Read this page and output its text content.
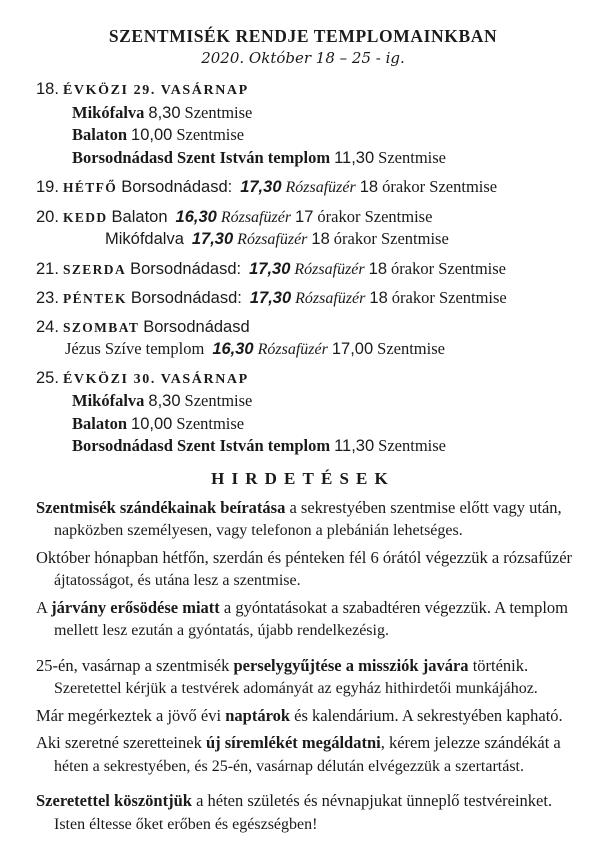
SZENTMISÉK RENDJE TEMPLOMAINKBAN
2020. Október 18 – 25 - ig.
18. ÉVKÖZI 29. VASÁRNAP
Mikófalva 8,30 Szentmise
Balaton 10,00 Szentmise
Borsodnádasd Szent István templom 11,30 Szentmise
19. HÉTFŐ Borsodnádasd: 17,30 Rózsafüzér 18 órakor Szentmise
20. KEDD Balaton 16,30 Rózsafüzér 17 órakor Szentmise
Mikófdalva 17,30 Rózsafüzér 18 órakor Szentmise
21. SZERDA Borsodnádasd: 17,30 Rózsafüzér 18 órakor Szentmise
23. PÉNTEK Borsodnádasd: 17,30 Rózsafüzér 18 órakor Szentmise
24. SZOMBAT Borsodnádasd
Jézus Szíve templom 16,30 Rózsafüzér 17,00 Szentmise
25. ÉVKÖZI 30. VASÁRNAP
Mikófalva 8,30 Szentmise
Balaton 10,00 Szentmise
Borsodnádasd Szent István templom 11,30 Szentmise
HIRDETÉSEK
Szentmisék szándékainak beíratása a sekrestyében szentmise előtt vagy után,
napközben személyesen, vagy telefonon a plebánián lehetséges.
Október hónapban hétfőn, szerdán és pénteken fél 6 órától végezzük a rózsafűzér
ájtatosságot, és utána lesz a szentmise.
A járvány erősödése miatt a gyóntatásokat a szabadtéren végezzük. A templom
mellett lesz ezután a gyóntatás, újabb rendelkezésig.
25-én, vasárnap a szentmisék perselygyűjtése a missziók javára történik.
Szeretettel kérjük a testvérek adományát az egyház hithirdetői munkájához.
Már megérkeztek a jövő évi naptárok és kalendárium. A sekrestyében kapható.
Aki szeretné szeretteinek új síremlékét megáldatni, kérem jelezze szándékát a
héten a sekrestyében, és 25-én, vasárnap délután elvégezzük a szertartást.
Szeretettel köszöntjük a héten születés és névnapjukat ünneplő testvéreinket.
Isten éltesse őket erőben és egészségben!
